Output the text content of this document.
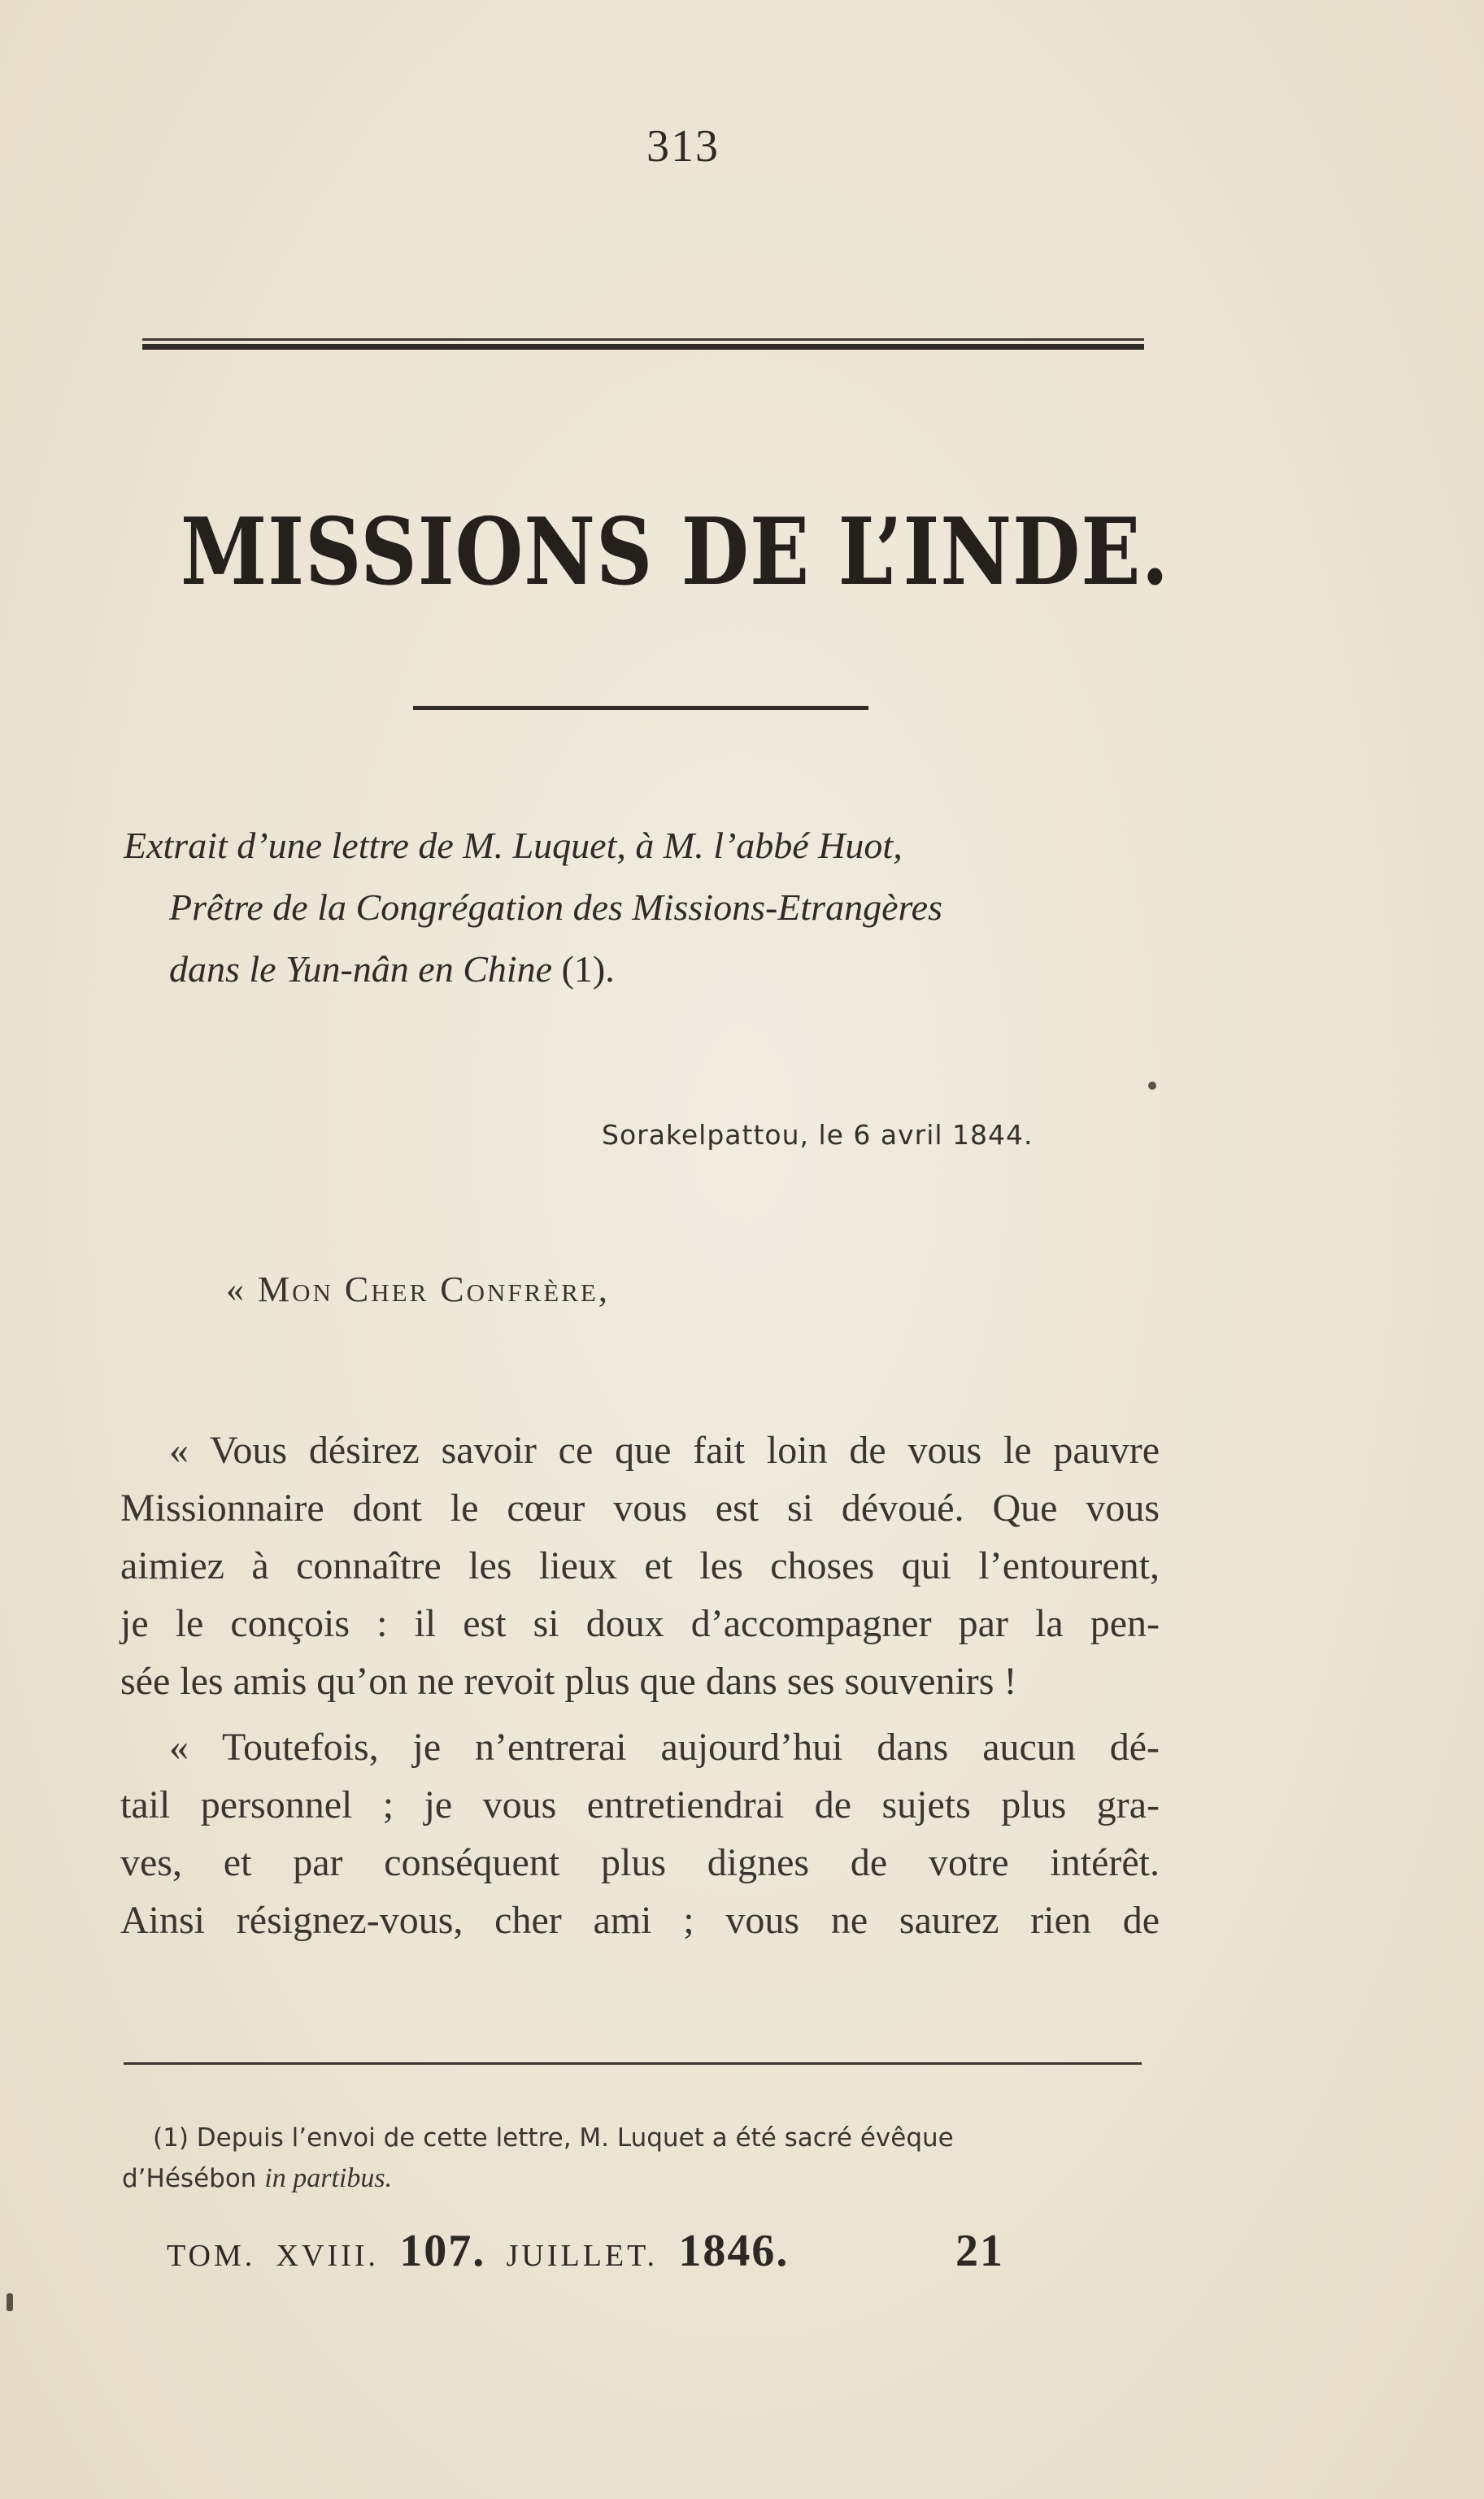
313
MISSIONS DE L’INDE.
Extrait d’une lettre de M. Luquet, à M. l’abbé Huot,
Prêtre de la Congrégation des Missions-Etrangères
dans le Yun-nân en Chine (1).
Sorakelpattou, le 6 avril 1844.
« Mon Cher Confrère,

« Vous désirez savoir ce que fait loin de vous le pauvre
Missionnaire dont le cœur vous est si dévoué. Que vous
aimiez à connaître les lieux et les choses qui l’entourent,
je le conçois : il est si doux d’accompagner par la pen-
sée les amis qu’on ne revoit plus que dans ses souvenirs !

« Toutefois, je n’entrerai aujourd’hui dans aucun dé-
tail personnel ; je vous entretiendrai de sujets plus gra-
ves, et par conséquent plus dignes de votre intérêt.
Ainsi résignez-vous, cher ami ; vous ne saurez rien de

(1) Depuis l’envoi de cette lettre, M. Luquet a été sacré évêque
d’Hésébon in partibus.
TOM. XVIII. 107. JUILLET. 1846.	21
